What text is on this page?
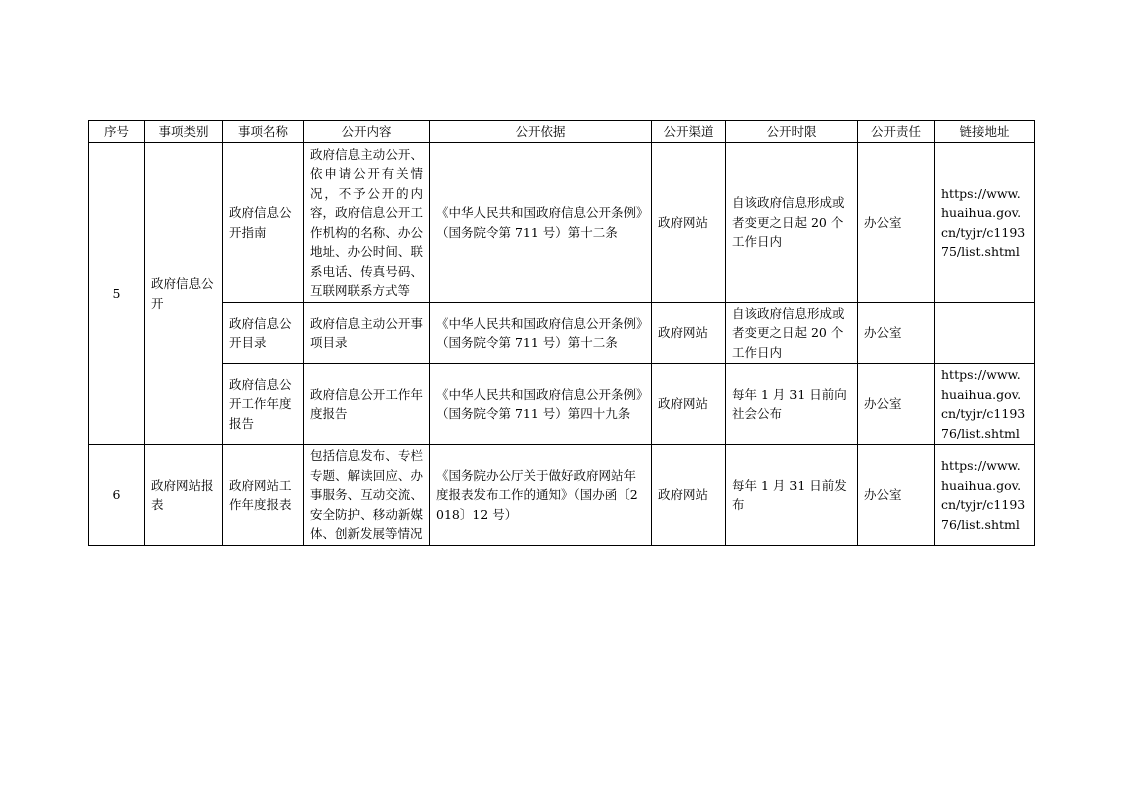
序号	事项类别	事项名称	公开内容	公开依据	公开渠道	公开时限	公开责任	链接地址
5	政府信息公开	政府信息公开指南	政府信息主动公开、依申请公开有关情况，不予公开的内容，政府信息公开工作机构的名称、办公地址、办公时间、联系电话、传真号码、互联网联系方式等	《中华人民共和国政府信息公开条例》（国务院令第 711 号）第十二条	政府网站	自该政府信息形成或者变更之日起 20 个工作日内	办公室	https://www.huaihua.gov.cn/tyjr/c119375/list.shtml
		政府信息公开目录	政府信息主动公开事项目录	《中华人民共和国政府信息公开条例》（国务院令第 711 号）第十二条	政府网站	自该政府信息形成或者变更之日起 20 个工作日内	办公室	
		政府信息公开工作年度报告	政府信息公开工作年度报告	《中华人民共和国政府信息公开条例》（国务院令第 711 号）第四十九条	政府网站	每年 1 月 31 日前向社会公布	办公室	https://www.huaihua.gov.cn/tyjr/c119376/list.shtml
6	政府网站报表	政府网站工作年度报表	包括信息发布、专栏专题、解读回应、办事服务、互动交流、安全防护、移动新媒体、创新发展等情况	《国务院办公厅关于做好政府网站年度报表发布工作的通知》（国办函〔2018〕12 号）	政府网站	每年 1 月 31 日前发布	办公室	https://www.huaihua.gov.cn/tyjr/c119376/list.shtml
